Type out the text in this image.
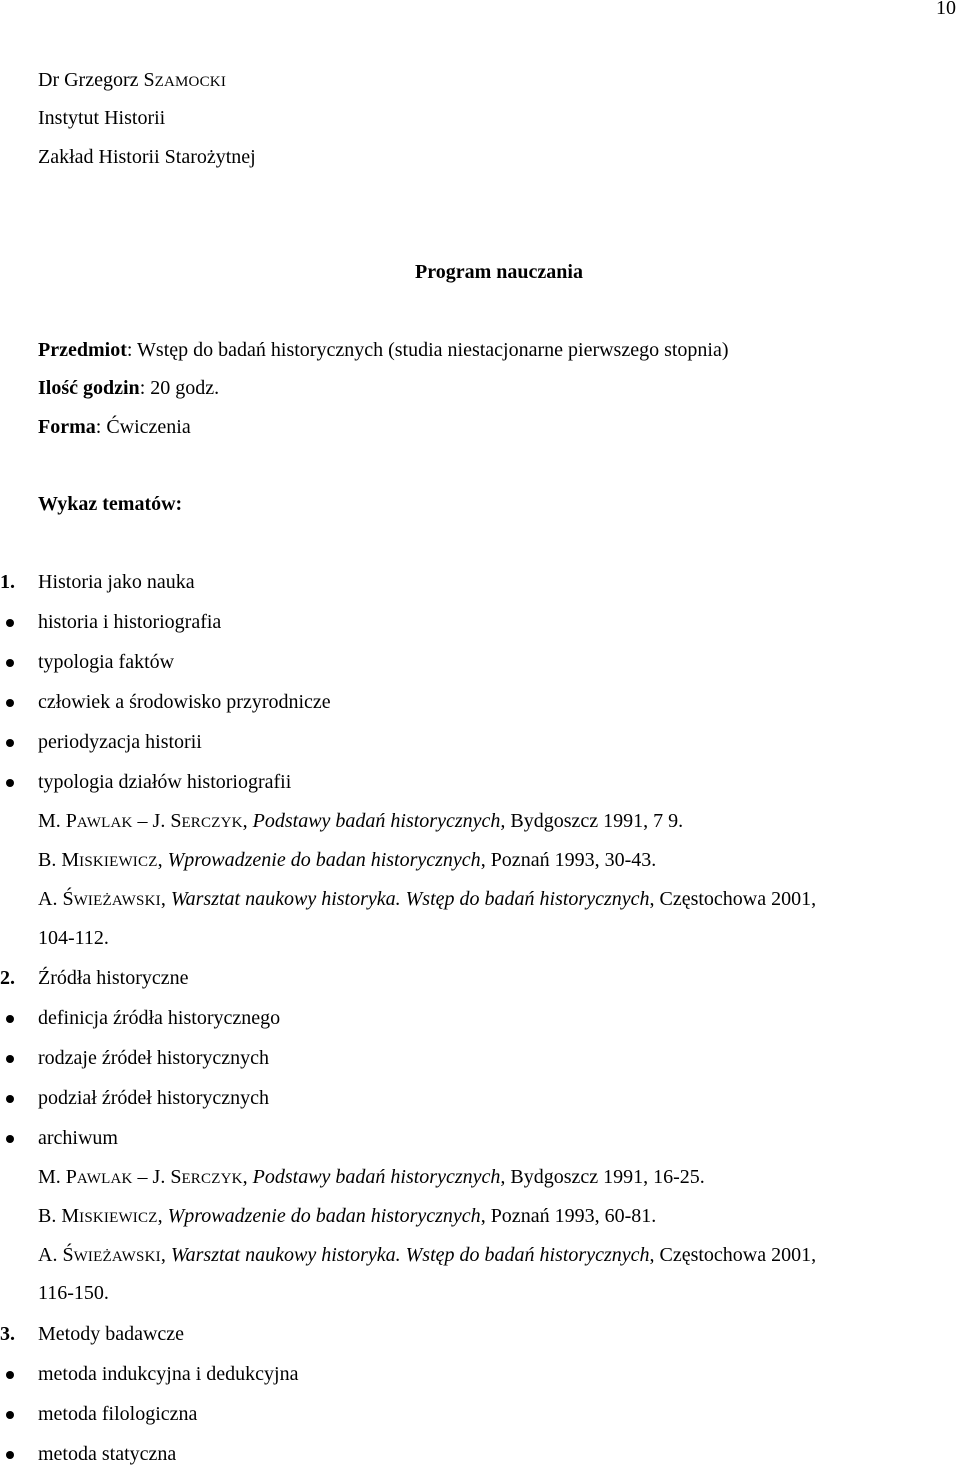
10
Dr Grzegorz SZAMOCKI
Instytut Historii
Zakład Historii Starożytnej
Program nauczania
Przedmiot: Wstęp do badań historycznych (studia niestacjonarne pierwszego stopnia)
Ilość godzin: 20 godz.
Forma: Ćwiczenia
Wykaz tematów:
1. Historia jako nauka
historia i historiografia
typologia faktów
człowiek a środowisko przyrodnicze
periodyzacja historii
typologia działów historiografii
M. PAWLAK – J. SERCZYK, Podstawy badań historycznych, Bydgoszcz 1991, 7 9.
B. MISKIEWICZ, Wprowadzenie do badan historycznych, Poznań 1993, 30-43.
A. ŚWIEŻAWSKI, Warsztat naukowy historyka. Wstęp do badań historycznych, Częstochowa 2001,
104-112.
2. Źródła historyczne
definicja źródła historycznego
rodzaje źródeł historycznych
podział źródeł historycznych
archiwum
M. PAWLAK – J. SERCZYK, Podstawy badań historycznych, Bydgoszcz 1991, 16-25.
B. MISKIEWICZ, Wprowadzenie do badan historycznych, Poznań 1993, 60-81.
A. ŚWIEŻAWSKI, Warsztat naukowy historyka. Wstęp do badań historycznych, Częstochowa 2001,
116-150.
3. Metody badawcze
metoda indukcyjna i dedukcyjna
metoda filologiczna
metoda statyczna
